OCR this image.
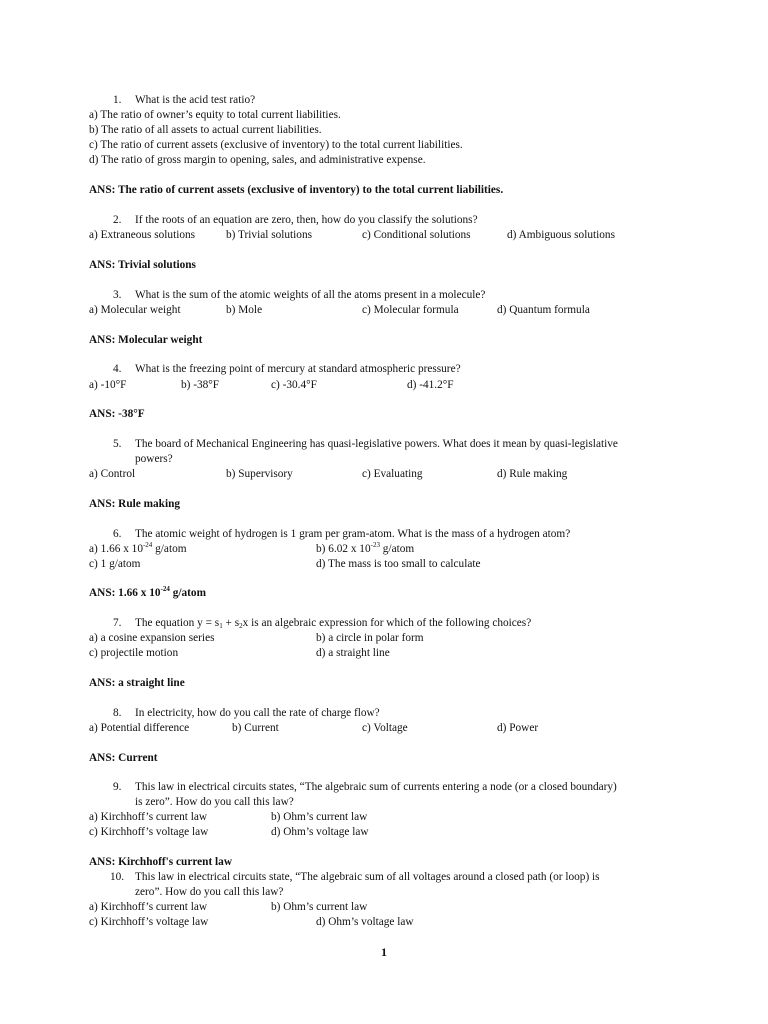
1. What is the acid test ratio?
a) The ratio of owner’s equity to total current liabilities.
b) The ratio of all assets to actual current liabilities.
c) The ratio of current assets (exclusive of inventory) to the total current liabilities.
d) The ratio of gross margin to opening, sales, and administrative expense.
ANS: The ratio of current assets (exclusive of inventory) to the total current liabilities.
2. If the roots of an equation are zero, then, how do you classify the solutions?
a) Extraneous solutions	b) Trivial solutions	c) Conditional solutions	d) Ambiguous solutions
ANS: Trivial solutions
3. What is the sum of the atomic weights of all the atoms present in a molecule?
a) Molecular weight	b) Mole	c) Molecular formula	d) Quantum formula
ANS: Molecular weight
4. What is the freezing point of mercury at standard atmospheric pressure?
a) -10°F	b) -38°F	c) -30.4°F	d) -41.2°F
ANS: -38°F
5. The board of Mechanical Engineering has quasi-legislative powers. What does it mean by quasi-legislative
powers?
a) Control	b) Supervisory	c) Evaluating	d) Rule making
ANS: Rule making
6. The atomic weight of hydrogen is 1 gram per gram-atom. What is the mass of a hydrogen atom?
a) 1.66 x $10^{-24}$ g/atom	b) 6.02 x $10^{-23}$ g/atom
c) 1 g/atom	d) The mass is too small to calculate
ANS: 1.66 x $10^{-24}$ g/atom
7. The equation $y = s_1 + s_2x$ is an algebraic expression for which of the following choices?
a) a cosine expansion series	b) a circle in polar form
c) projectile motion	d) a straight line
ANS: a straight line
8. In electricity, how do you call the rate of charge flow?
a) Potential difference	b) Current	c) Voltage	d) Power
ANS: Current
9. This law in electrical circuits states, “The algebraic sum of currents entering a node (or a closed boundary)
is zero”. How do you call this law?
a) Kirchhoff’s current law	b) Ohm’s current law
c) Kirchhoff’s voltage law	d) Ohm’s voltage law
ANS: Kirchhoff's current law
10. This law in electrical circuits state, “The algebraic sum of all voltages around a closed path (or loop) is
zero”. How do you call this law?
a) Kirchhoff’s current law	b) Ohm’s current law
c) Kirchhoff’s voltage law	d) Ohm’s voltage law
1
